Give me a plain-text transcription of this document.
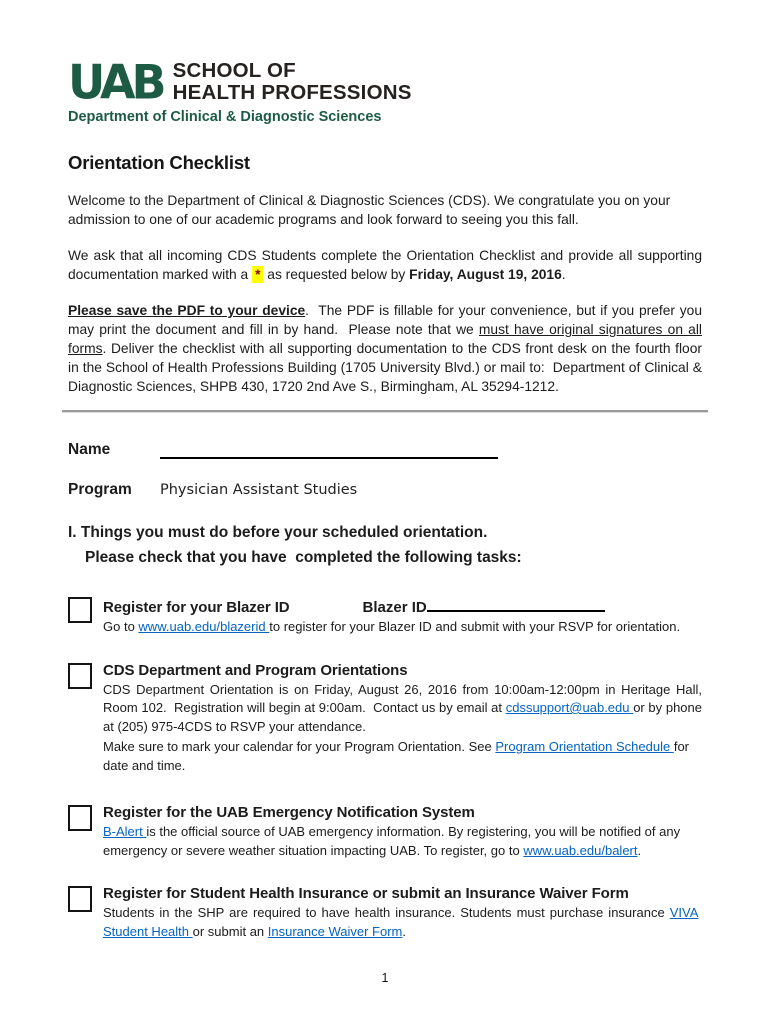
UAB SCHOOL OF
HEALTH PROFESSIONS
Department of Clinical & Diagnostic Sciences
Orientation Checklist

Welcome to the Department of Clinical & Diagnostic Sciences (CDS). We congratulate you on your admission to one of our academic programs and look forward to seeing you this fall.

We ask that all incoming CDS Students complete the Orientation Checklist and provide all supporting documentation marked with a * as requested below by Friday, August 19, 2016.

Please save the PDF to your device.  The PDF is fillable for your convenience, but if you prefer you may print the document and fill in by hand.  Please note that we must have original signatures on all forms. Deliver the checklist with all supporting documentation to the CDS front desk on the fourth floor in the School of Health Professions Building (1705 University Blvd.) or mail to:  Department of Clinical & Diagnostic Sciences, SHPB 430, 1720 2nd Ave S., Birmingham, AL 35294-1212.

Name
Program	Physician Assistant Studies
I. Things you must do before your scheduled orientation.
Please check that you have  completed the following tasks:
Register for your Blazer ID	Blazer ID

Go to www.uab.edu/blazerid to register for your Blazer ID and submit with your RSVP for orientation.

CDS Department and Program Orientations

CDS Department Orientation is on Friday, August 26, 2016 from 10:00am-12:00pm in Heritage Hall, Room 102.  Registration will begin at 9:00am.  Contact us by email at cdssupport@uab.edu or by phone at (205) 975-4CDS to RSVP your attendance.

Make sure to mark your calendar for your Program Orientation. See Program Orientation Schedule for date and time.

Register for the UAB Emergency Notification System

B-Alert is the official source of UAB emergency information. By registering, you will be notified of any emergency or severe weather situation impacting UAB. To register, go to www.uab.edu/balert.

Register for Student Health Insurance or submit an Insurance Waiver Form

Students in the SHP are required to have health insurance. Students must purchase insurance VIVA  Student Health or submit an Insurance Waiver Form.

1
